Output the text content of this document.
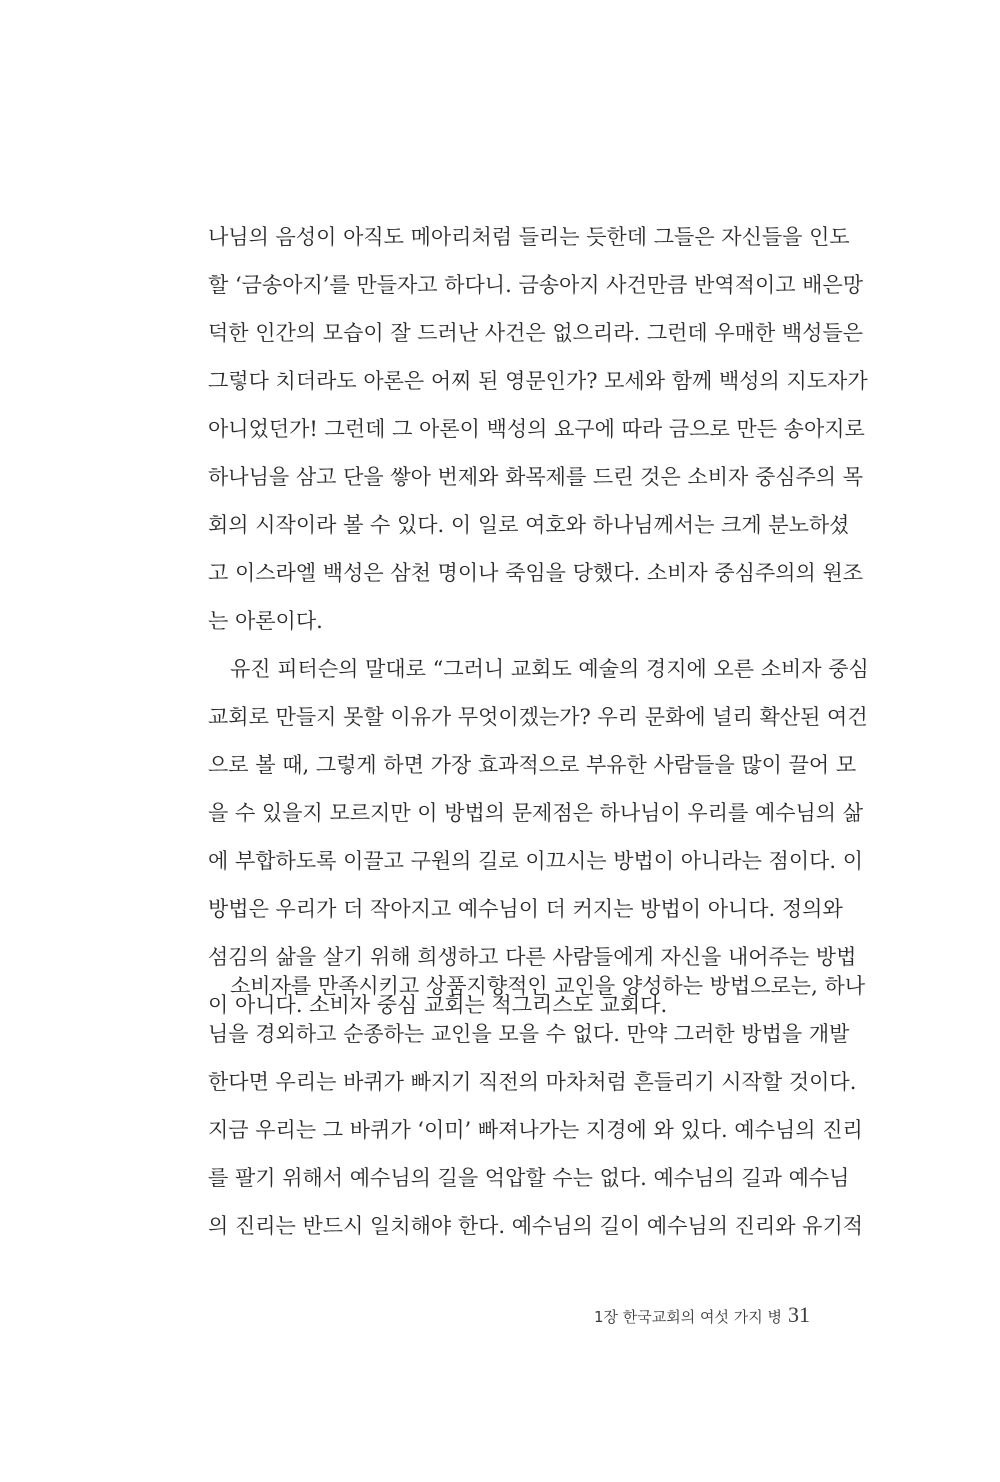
나님의 음성이 아직도 메아리처럼 들리는 듯한데 그들은 자신들을 인도
할 ‘금송아지’를 만들자고 하다니. 금송아지 사건만큼 반역적이고 배은망
덕한 인간의 모습이 잘 드러난 사건은 없으리라. 그런데 우매한 백성들은
그렇다 치더라도 아론은 어찌 된 영문인가? 모세와 함께 백성의 지도자가
아니었던가! 그런데 그 아론이 백성의 요구에 따라 금으로 만든 송아지로
하나님을 삼고 단을 쌓아 번제와 화목제를 드린 것은 소비자 중심주의 목
회의 시작이라 볼 수 있다. 이 일로 여호와 하나님께서는 크게 분노하셨
고 이스라엘 백성은 삼천 명이나 죽임을 당했다. 소비자 중심주의의 원조
는 아론이다.
유진 피터슨의 말대로 “그러니 교회도 예술의 경지에 오른 소비자 중심
교회로 만들지 못할 이유가 무엇이겠는가? 우리 문화에 널리 확산된 여건
으로 볼 때, 그렇게 하면 가장 효과적으로 부유한 사람들을 많이 끌어 모
을 수 있을지 모르지만 이 방법의 문제점은 하나님이 우리를 예수님의 삶
에 부합하도록 이끌고 구원의 길로 이끄시는 방법이 아니라는 점이다. 이
방법은 우리가 더 작아지고 예수님이 더 커지는 방법이 아니다. 정의와
섬김의 삶을 살기 위해 희생하고 다른 사람들에게 자신을 내어주는 방법
이 아니다. 소비자 중심 교회는 적그리스도 교회다.
소비자를 만족시키고 상품지향적인 교인을 양성하는 방법으로는, 하나
님을 경외하고 순종하는 교인을 모을 수 없다. 만약 그러한 방법을 개발
한다면 우리는 바퀴가 빠지기 직전의 마차처럼 흔들리기 시작할 것이다.
지금 우리는 그 바퀴가 ‘이미’ 빠져나가는 지경에 와 있다. 예수님의 진리
를 팔기 위해서 예수님의 길을 억압할 수는 없다. 예수님의 길과 예수님
의 진리는 반드시 일치해야 한다. 예수님의 길이 예수님의 진리와 유기적
1장 한국교회의 여섯 가지 병 31
